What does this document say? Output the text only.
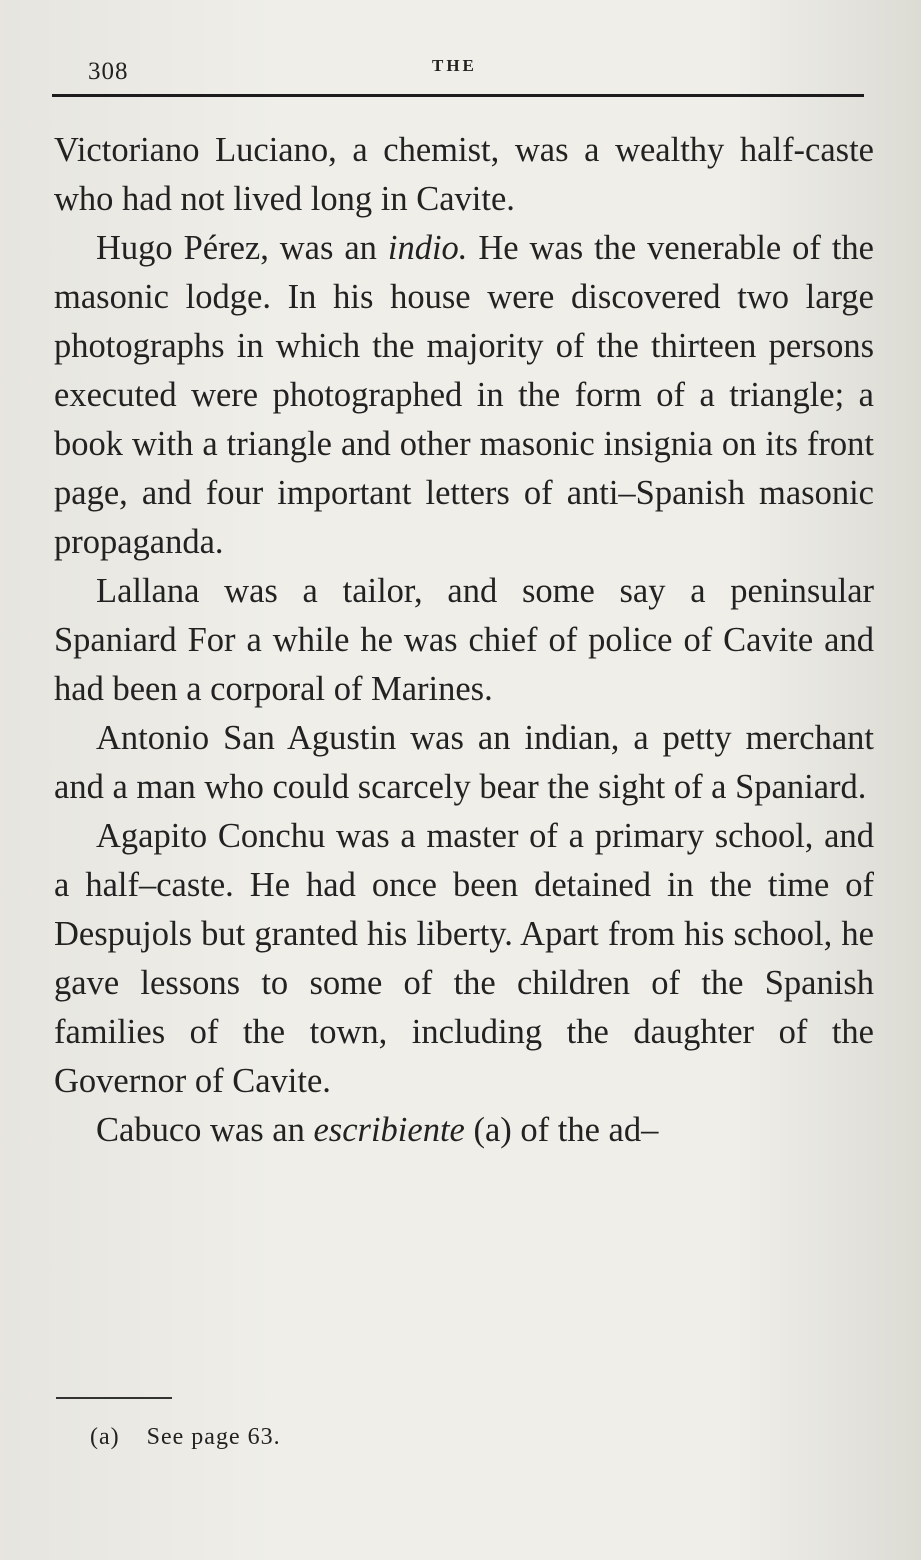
308	THE

Victoriano Luciano, a chemist, was a wealthy half-caste who had not lived long in Cavite.

Hugo Pérez, was an indio. He was the venerable of the masonic lodge. In his house were discovered two large photographs in which the majority of the thirteen persons executed were photographed in the form of a triangle; a book with a triangle and other masonic insignia on its front page, and four important letters of anti–Spanish masonic propaganda.

Lallana was a tailor, and some say a peninsular Spaniard For a while he was chief of police of Cavite and had been a corporal of Marines.

Antonio San Agustin was an indian, a petty merchant and a man who could scarcely bear the sight of a Spaniard.

Agapito Conchu was a master of a primary school, and a half–caste. He had once been detained in the time of Despujols but granted his liberty. Apart from his school, he gave lessons to some of the children of the Spanish families of the town, including the daughter of the Governor of Cavite.

Cabuco was an escribiente (a) of the ad–

(a) See page 63.
